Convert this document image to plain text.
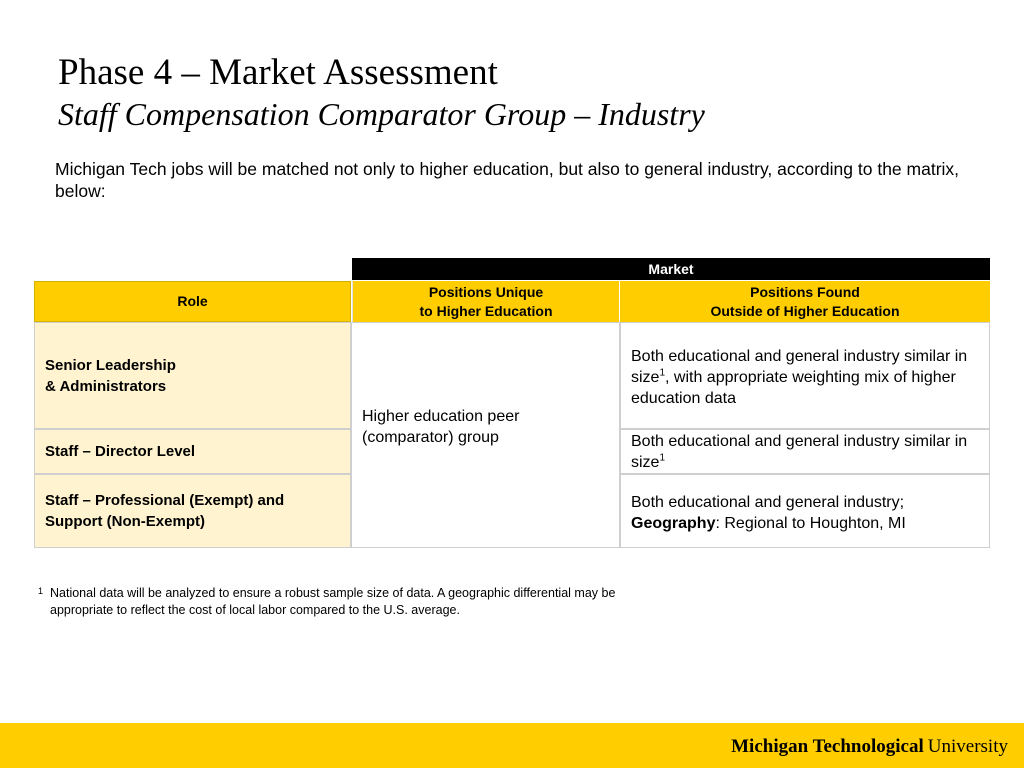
Phase 4 – Market Assessment
Staff Compensation Comparator Group – Industry
Michigan Tech jobs will be matched not only to higher education, but also to general industry, according to the matrix, below:
Market
Role
Positions Unique
to Higher Education
Positions Found
Outside of Higher Education
Senior Leadership
& Administrators
Staff – Director Level
Staff – Professional (Exempt) and
Support (Non-Exempt)
Higher education peer (comparator) group
Both educational and general industry similar in size$^1$, with appropriate weighting mix of higher education data
Both educational and general industry similar in size$^1$
Both educational and general industry;
Geography: Regional to Houghton, MI
1 National data will be analyzed to ensure a robust sample size of data. A geographic differential may be appropriate to reflect the cost of local labor compared to the U.S. average.
Michigan Technological University
